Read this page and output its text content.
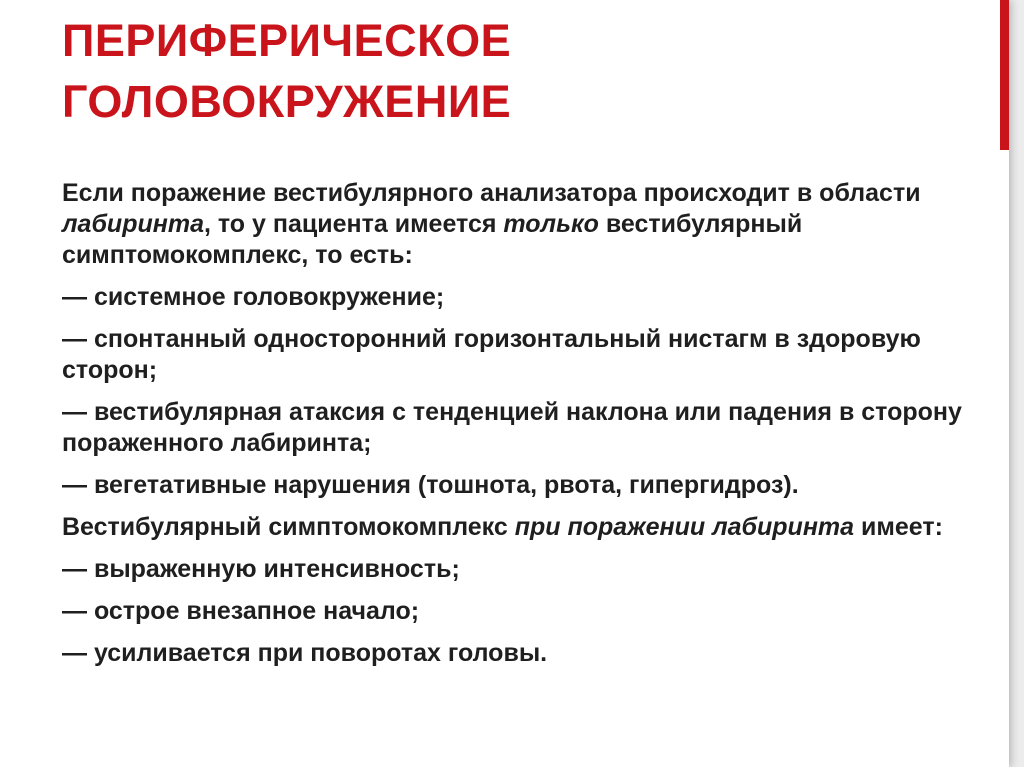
ПЕРИФЕРИЧЕСКОЕ
ГОЛОВОКРУЖЕНИЕ

Если поражение вестибулярного анализатора происходит в области лабиринта, то у пациента имеется только вестибулярный симптомокомплекс, то есть:

— системное головокружение;

— спонтанный односторонний горизонтальный нистагм в здоровую сторон;

— вестибулярная атаксия с тенденцией наклона или падения в сторону пораженного лабиринта;

— вегетативные нарушения (тошнота, рвота, гипергидроз).

Вестибулярный симптомокомплекс при поражении лабиринта имеет:

— выраженную интенсивность;

— острое внезапное начало;

— усиливается при поворотах головы.
